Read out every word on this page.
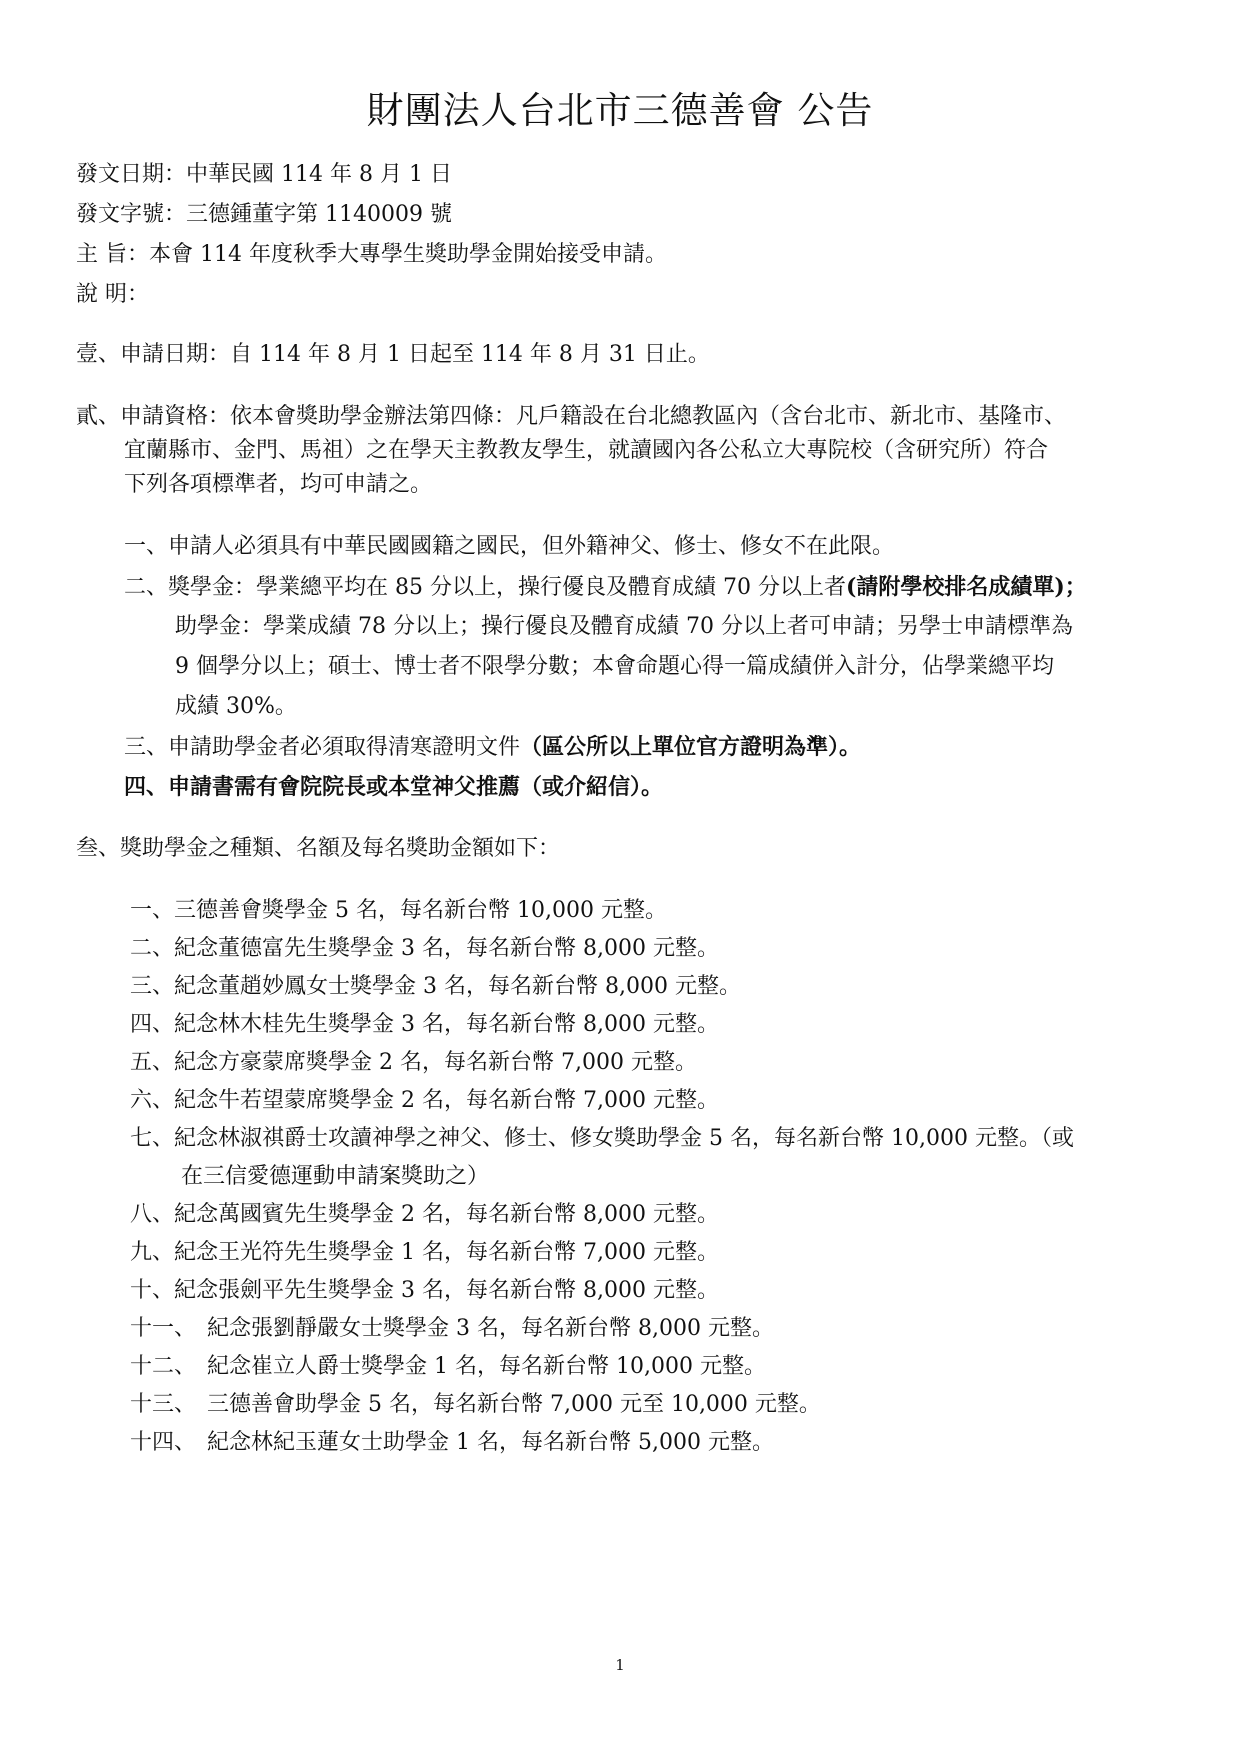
財團法人台北市三德善會 公告
發文日期：中華民國 114 年 8 月 1 日
發文字號：三德鍾董字第 1140009 號
主 旨：本會 114 年度秋季大專學生獎助學金開始接受申請。
說 明：
壹、申請日期：自 114 年 8 月 1 日起至 114 年 8 月 31 日止。
貳、申請資格：依本會獎助學金辦法第四條：凡戶籍設在台北總教區內（含台北市、新北市、基隆市、
宜蘭縣市、金門、馬祖）之在學天主教教友學生，就讀國內各公私立大專院校（含研究所）符合
下列各項標準者，均可申請之。
一、申請人必須具有中華民國國籍之國民，但外籍神父、修士、修女不在此限。
二、獎學金：學業總平均在 85 分以上，操行優良及體育成績 70 分以上者(請附學校排名成績單)；
助學金：學業成績 78 分以上；操行優良及體育成績 70 分以上者可申請；另學士申請標準為
9 個學分以上；碩士、博士者不限學分數；本會命題心得一篇成績併入計分，佔學業總平均
成績 30%。
三、申請助學金者必須取得清寒證明文件（區公所以上單位官方證明為準）。
四、申請書需有會院院長或本堂神父推薦（或介紹信）。
叁、獎助學金之種類、名額及每名獎助金額如下：
一、三德善會獎學金 5 名，每名新台幣 10,000 元整。
二、紀念董德富先生獎學金 3 名，每名新台幣 8,000 元整。
三、紀念董趙妙鳳女士獎學金 3 名，每名新台幣 8,000 元整。
四、紀念林木桂先生獎學金 3 名，每名新台幣 8,000 元整。
五、紀念方豪蒙席獎學金 2 名，每名新台幣 7,000 元整。
六、紀念牛若望蒙席獎學金 2 名，每名新台幣 7,000 元整。
七、紀念林淑祺爵士攻讀神學之神父、修士、修女獎助學金 5 名，每名新台幣 10,000 元整。（或
在三信愛德運動申請案獎助之）
八、紀念萬國賓先生獎學金 2 名，每名新台幣 8,000 元整。
九、紀念王光符先生獎學金 1 名，每名新台幣 7,000 元整。
十、紀念張劍平先生獎學金 3 名，每名新台幣 8,000 元整。
十一、　紀念張劉靜嚴女士獎學金 3 名，每名新台幣 8,000 元整。
十二、　紀念崔立人爵士獎學金 1 名，每名新台幣 10,000 元整。
十三、　三德善會助學金 5 名，每名新台幣 7,000 元至 10,000 元整。
十四、　紀念林紀玉蓮女士助學金 1 名，每名新台幣 5,000 元整。
1
